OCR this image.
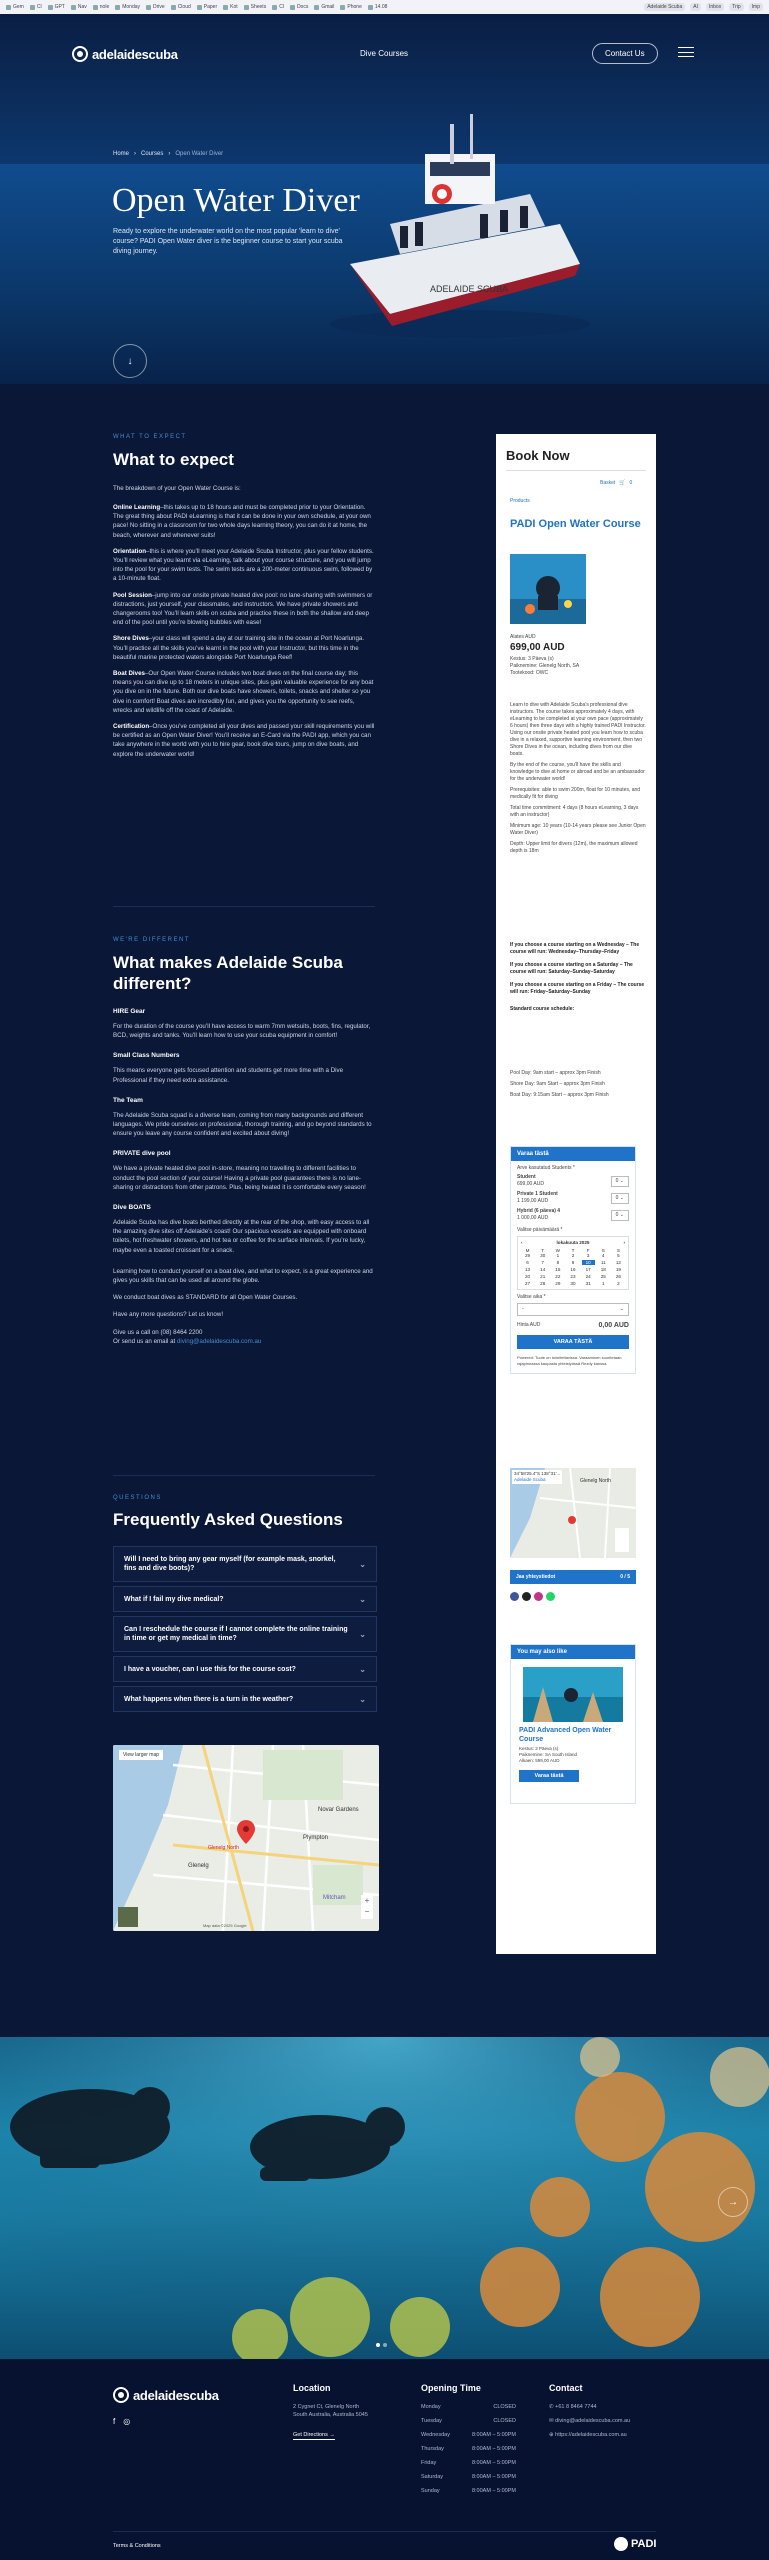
Gem	Cl	GPT	Nav	nole	Monday	Drive	Cloud	Paper	Kot	Sheets	Cl	Docs	Gmail	Phone	14.08	Adelaide Scuba	AI	Inbox	Trip	Imp
ADELAIDE SCUBA
adelaidescuba	Dive Courses	Contact Us
Home › Courses › Open Water Diver
Open Water Diver
Ready to explore the underwater world on the most popular 'learn to dive' course? PADI Open Water diver is the beginner course to start your scuba diving journey.
↓
WHAT TO EXPECT
What to expect
The breakdown of your Open Water Course is:

Online Learning–this takes up to 18 hours and must be completed prior to your Orientation. The great thing about PADI eLearning is that it can be done in your own schedule, at your own pace! No sitting in a classroom for two whole days learning theory, you can do it at home, the beach, wherever and whenever suits!

Orientation–this is where you’ll meet your Adelaide Scuba Instructor, plus your fellow students. You’ll review what you learnt via eLearning, talk about your course structure, and you will jump into the pool for your swim tests. The swim tests are a 200-meter continuous swim, followed by a 10-minute float.

Pool Session–jump into our onsite private heated dive pool: no lane-sharing with swimmers or distractions, just yourself, your classmates, and instructors. We have private showers and changerooms too! You’ll learn skills on scuba and practice these in both the shallow and deep end of the pool until you’re blowing bubbles with ease!

Shore Dives–your class will spend a day at our training site in the ocean at Port Noarlunga. You’ll practice all the skills you’ve learnt in the pool with your Instructor, but this time in the beautiful marine protected waters alongside Port Noarlunga Reef!

Boat Dives–Our Open Water Course includes two boat dives on the final course day; this means you can dive up to 18 meters in unique sites, plus gain valuable experience for any boat you dive on in the future. Both our dive boats have showers, toilets, snacks and shelter so you dive in comfort! Boat dives are incredibly fun, and gives you the opportunity to see reefs, wrecks and wildlife off the coast of Adelaide.

Certification–Once you’ve completed all your dives and passed your skill requirements you will be certified as an Open Water Diver! You’ll receive an E-Card via the PADI app, which you can take anywhere in the world with you to hire gear, book dive tours, jump on dive boats, and explore the underwater world!

WE'RE DIFFERENT
What makes Adelaide Scuba different?
HIRE Gear
For the duration of the course you’ll have access to warm 7mm wetsuits, boots, fins, regulator, BCD, weights and tanks. You’ll learn how to use your scuba equipment in comfort!
Small Class Numbers
This means everyone gets focused attention and students get more time with a Dive Professional if they need extra assistance.
The Team
The Adelaide Scuba squad is a diverse team, coming from many backgrounds and different languages. We pride ourselves on professional, thorough training, and go beyond standards to ensure you leave any course confident and excited about diving!
PRIVATE dive pool
We have a private heated dive pool in-store, meaning no travelling to different facilities to conduct the pool section of your course! Having a private pool guarantees there is no lane-sharing or distractions from other patrons. Plus, being heated it is comfortable every season!
Dive BOATS
Adelaide Scuba has dive boats berthed directly at the rear of the shop, with easy access to all the amazing dive sites off Adelaide’s coast! Our spacious vessels are equipped with onboard toilets, hot freshwater showers, and hot tea or coffee for the surface intervals. If you’re lucky, maybe even a toasted croissant for a snack.

Learning how to conduct yourself on a boat dive, and what to expect, is a great experience and gives you skills that can be used all around the globe.

We conduct boat dives as STANDARD for all Open Water Courses.

Have any more questions? Let us know!

Give us a call on (08) 8464 2200

Or send us an email at diving@adelaidescuba.com.au

QUESTIONS
Frequently Asked Questions
Will I need to bring any gear myself (for example mask, snorkel, fins and dive boots)?	⌄
What if I fail my dive medical?	⌄
Can I reschedule the course if I cannot complete the online training in time or get my medical in time?	⌄
I have a voucher, can I use this for the course cost?	⌄
What happens when there is a turn in the weather?	⌄
View larger map
Glenelg
Novar Gardens
Plympton
Mitcham
Glenelg North
+
−
Map data ©2025 Google
Book Now
Products
Basket 🛒 0
PADI Open Water Course
Alates AUD
699,00 AUD
Kestus: 3 Päeva (s)
Paiknemine: Glenelg North, SA
Tootekood: OWC

Learn to dive with Adelaide Scuba's professional dive instructors. The course takes approximately 4 days, with eLearning to be completed at your own pace (approximately 6 hours) then three days with a highly trained PADI Instructor. Using our onsite private heated pool you learn how to scuba dive in a relaxed, supportive learning environment, then two Shore Dives in the ocean, including dives from our dive boats.

By the end of the course, you'll have the skills and knowledge to dive at home or abroad and be an ambassador for the underwater world!

Prerequisites: able to swim 200m, float for 10 minutes, and medically fit for diving

Total time commitment: 4 days (8 hours eLearning, 3 days with an instructor)

Minimum age: 10 years (10-14 years please see Junior Open Water Diver)

Depth: Upper limit for divers (12m), the maximum allowed depth is 18m

If you choose a course starting on a Wednesday – The course will run: Wednesday–Thursday–Friday

If you choose a course starting on a Saturday – The course will run: Saturday–Sunday–Saturday

If you choose a course starting on a Friday – The course will run: Friday–Saturday–Sunday

Standard course schedule:

Pool Day: 9am start – approx 3pm Finish

Shore Day: 9am Start – approx 3pm Finish

Boat Day: 9:15am Start – approx 3pm Finish

Varaa tästä
Arve kasutatud Students *
Student
699,00 AUD
0 ⌄
Private 1 Student
1 199,00 AUD
0 ⌄
Hybrid (6 päeva) 4
1 000,00 AUD
0 ⌄
Valitse päivämäärä *
‹	lokakuuta 2025	›
M	T	W	T	F	S	S
29	30	1	2	3	4	5
6	7	8	9	10	11	12
13	14	15	16	17	18	19
20	21	22	23	24	25	26
27	28	29	30	31	1	2
Valitse aika *
-	⌄
Hinta AUD	0,00 AUD
VARAA TÄSTÄ
Powered: Tuote on toimitettavissa. Varaaminen suoritetaan rajapinnassa kaupasta yhteistyössä Rezdy kanssa.
34°58'25.4"S 138°31'...
Adelaide Scuba	Glenelg North
Jaa yhteystiedot	0 / 5
You may also like
PADI Advanced Open Water Course
Kestus: 2 Päeva (s)
Paiknemine: SA South Island
Alkaen: 599,00 AUD
Varaa tästä
→
adelaidescuba
f ◎
Location
2 Cygnet Ct, Glenelg North
South Australia, Australia 5045
Get Directions →
Opening Time
Monday	CLOSED
Tuesday	CLOSED
Wednesday	8:00AM – 5:00PM
Thursday	8:00AM – 5:00PM
Friday	8:00AM – 5:00PM
Saturday	8:00AM – 5:00PM
Sunday	8:00AM – 5:00PM
Contact
✆ +61 8 8464 7744
✉ diving@adelaidescuba.com.au
⊕ https://adelaidescuba.com.au
Terms & Conditions	PADI
